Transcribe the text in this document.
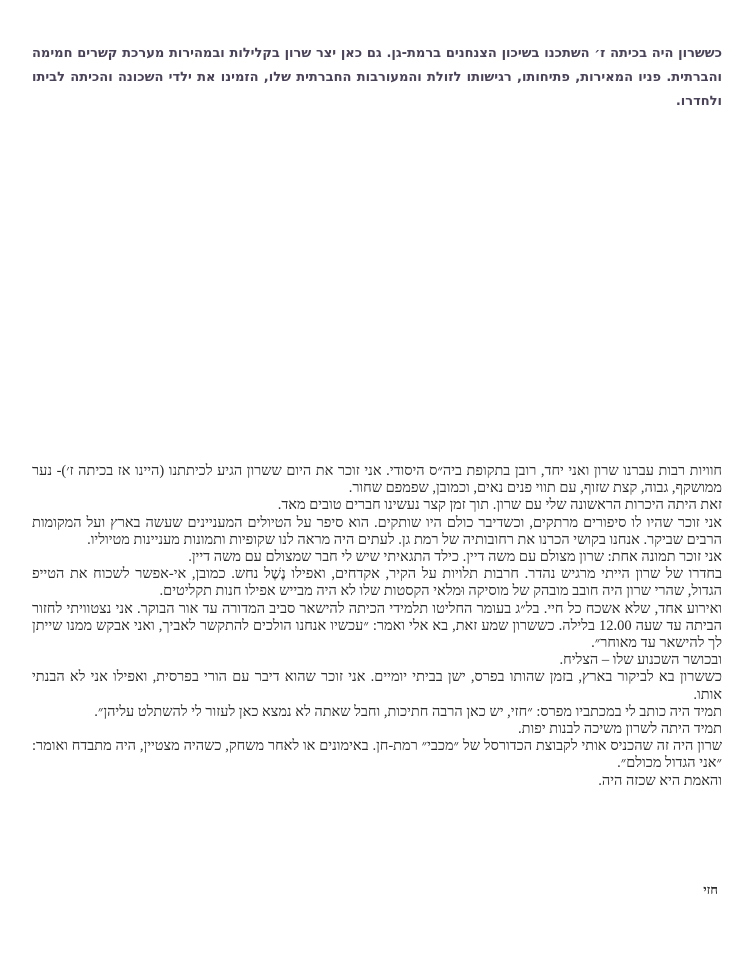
כששרון היה בכיתה ז׳ השתכנו בשיכון הצנחנים ברמת-גן. גם כאן יצר שרון בקלילות ובמהירות מערכת קשרים חמימה והברתית. פניו המאירות, פתיחותו, רגישותו לזולת והמעורבות החברתית שלו, הזמינו את ילדי השכונה והכיתה לביתו ולחדרו.

חוויות רבות עברנו שרון ואני יחד, רובן בתקופת ביה״ס היסודי. אני זוכר את היום ששרון הגיע לכיתתנו (היינו אז בכיתה ז׳)- נער ממושקף, גבוה, קצת שזוף, עם תווי פנים נאים, וכמובן, שפמפם שחור.

זאת היתה היכרות הראשונה שלי עם שרון. תוך זמן קצר נעשינו חברים טובים מאד.

אני זוכר שהיו לו סיפורים מרתקים, וכשדיבר כולם היו שותקים. הוא סיפר על הטיולים המעניינים שעשה בארץ ועל המקומות הרבים שביקר. אנחנו בקושי הכרנו את רחובותיה של רמת גן. לעתים היה מראה לנו שקופיות ותמונות מעניינות מטיוליו.

אני זוכר תמונה אחת: שרון מצולם עם משה דיין. כילד התגאיתי שיש לי חבר שמצולם עם משה דיין.

בחדרו של שרון הייתי מרגיש נהדר. חרבות תלויות על הקיר, אקדחים, ואפילו נֶשֶׁל נחש. כמובן, אי-אפשר לשכוח את הטייפ הגדול, שהרי שרון היה חובב מובהק של מוסיקה וּמלאי הקסטות שלו לא היה מבייש אפילו חנות תקליטים.

ואירוע אחד, שלא אשכח כל חיי. בל״ג בעומר החליטו תלמידי הכיתה להישאר סביב המדורה עד אור הבוקר. אני נצטוויתי לחזור הביתה עד שעה 12.00 בלילה. כששרון שמע זאת, בא אלי ואמר: ״עכשיו אנחנו הולכים להתקשר לאביך, ואני אבקש ממנו שייתן לך להישאר עד מאוחר״.

ובכושר השכנוע שלו – הצליח.

כששרון בא לביקור בארץ, בזמן שהותו בפרס, ישן בביתי יומיים. אני זוכר שהוא דיבר עם הורי בפרסית, ואפילו אני לא הבנתי אותו.

תמיד היה כותב לי במכתביו מפרס: ״חזי, יש כאן הרבה חתיכות, וחבל שאתה לא נמצא כאן לעזור לי להשתלט עליהן״.

תמיד היתה לשרון משיכה לבנות יפות.

שרון היה זה שהכניס אותי לקבוצת הכדורסל של ״מכבי״ רמת-חן. באימונים או לאחר משחק, כשהיה מצטיין, היה מתבדח ואומר: ״אני הגדול מכולם״.

והאמת היא שכזה היה.

חזי
